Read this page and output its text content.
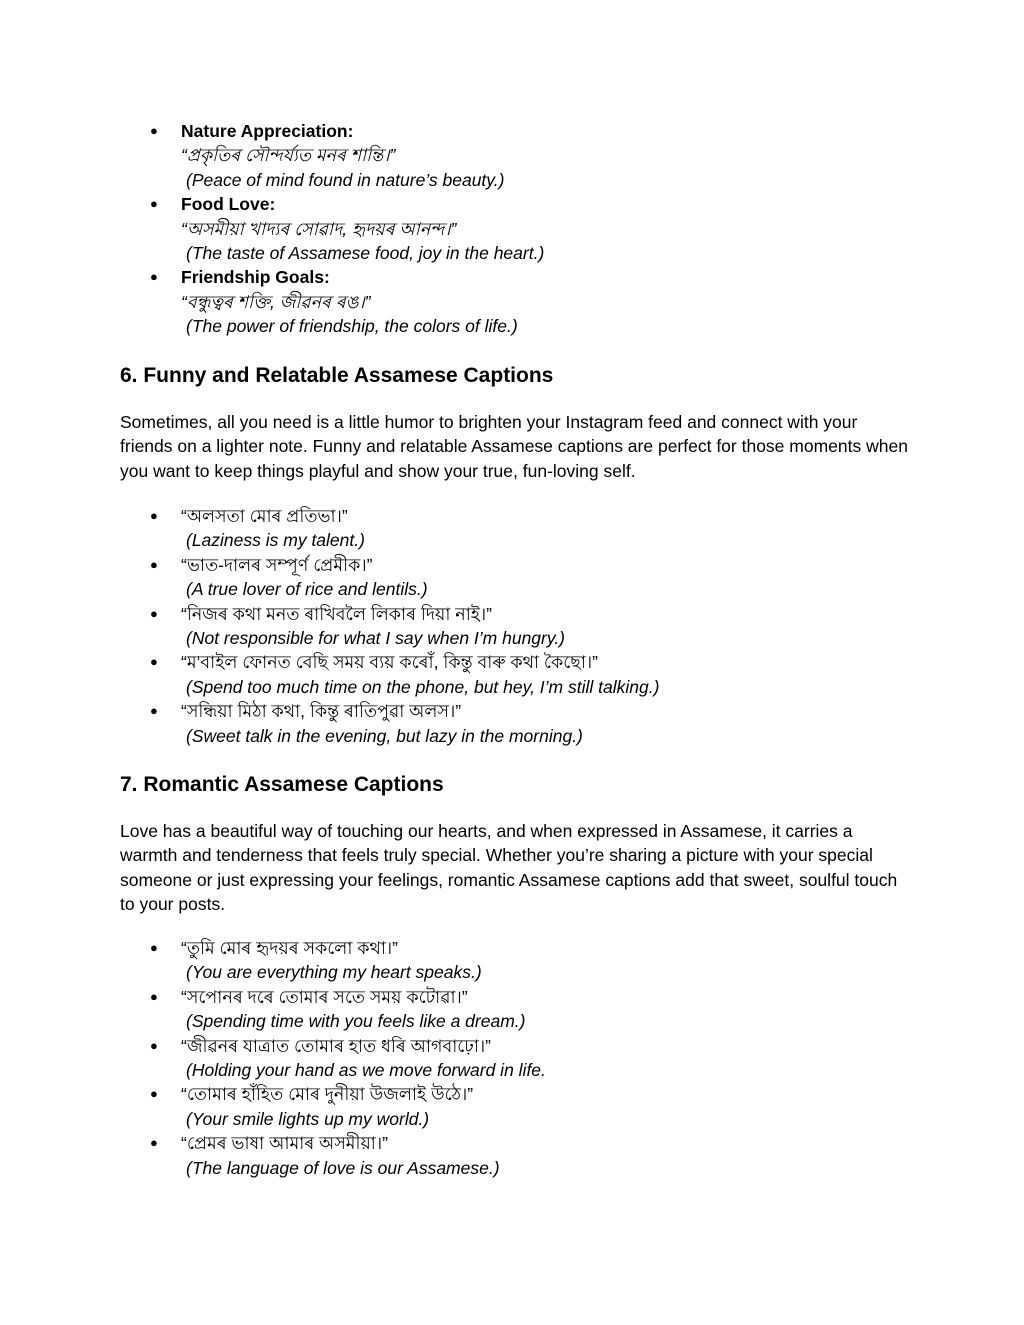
● Nature Appreciation:
“প্ৰকৃতিৰ সৌন্দৰ্য্যত মনৰ শান্তি।”
(Peace of mind found in nature’s beauty.)
● Food Love:
“অসমীয়া খাদ্যৰ সোৱাদ, হৃদয়ৰ আনন্দ।”
(The taste of Assamese food, joy in the heart.)
● Friendship Goals:
“বন্ধুত্বৰ শক্তি, জীৱনৰ ৰঙ।”
(The power of friendship, the colors of life.)
6. Funny and Relatable Assamese Captions

Sometimes, all you need is a little humor to brighten your Instagram feed and connect with your friends on a lighter note. Funny and relatable Assamese captions are perfect for those moments when you want to keep things playful and show your true, fun-loving self.

● “অলসতা মোৰ প্ৰতিভা।”
(Laziness is my talent.)
● “ভাত-দালৰ সম্পূৰ্ণ প্ৰেমীক।”
(A true lover of rice and lentils.)
● “নিজৰ কথা মনত ৰাখিবলৈ লিকাৰ দিয়া নাই।”
(Not responsible for what I say when I’m hungry.)
● “ম’বাইল ফোনত বেছি সময় ব্যয় কৰোঁ, কিন্তু বাৰু কথা কৈছো।”
(Spend too much time on the phone, but hey, I’m still talking.)
● “সন্ধিয়া মিঠা কথা, কিন্তু ৰাতিপুৱা অলস।”
(Sweet talk in the evening, but lazy in the morning.)
7. Romantic Assamese Captions

Love has a beautiful way of touching our hearts, and when expressed in Assamese, it carries a warmth and tenderness that feels truly special. Whether you’re sharing a picture with your special someone or just expressing your feelings, romantic Assamese captions add that sweet, soulful touch to your posts.

● “তুমি মোৰ হৃদয়ৰ সকলো কথা।”
(You are everything my heart speaks.)
● “সপোনৰ দৰে তোমাৰ সতে সময় কটোৱা।”
(Spending time with you feels like a dream.)
● “জীৱনৰ যাত্ৰাত তোমাৰ হাত ধৰি আগবাঢ়ো।”
(Holding your hand as we move forward in life.
● “তোমাৰ হাঁহিত মোৰ দুনীয়া উজলাই উঠে।”
(Your smile lights up my world.)
● “প্ৰেমৰ ভাষা আমাৰ অসমীয়া।”
(The language of love is our Assamese.)
